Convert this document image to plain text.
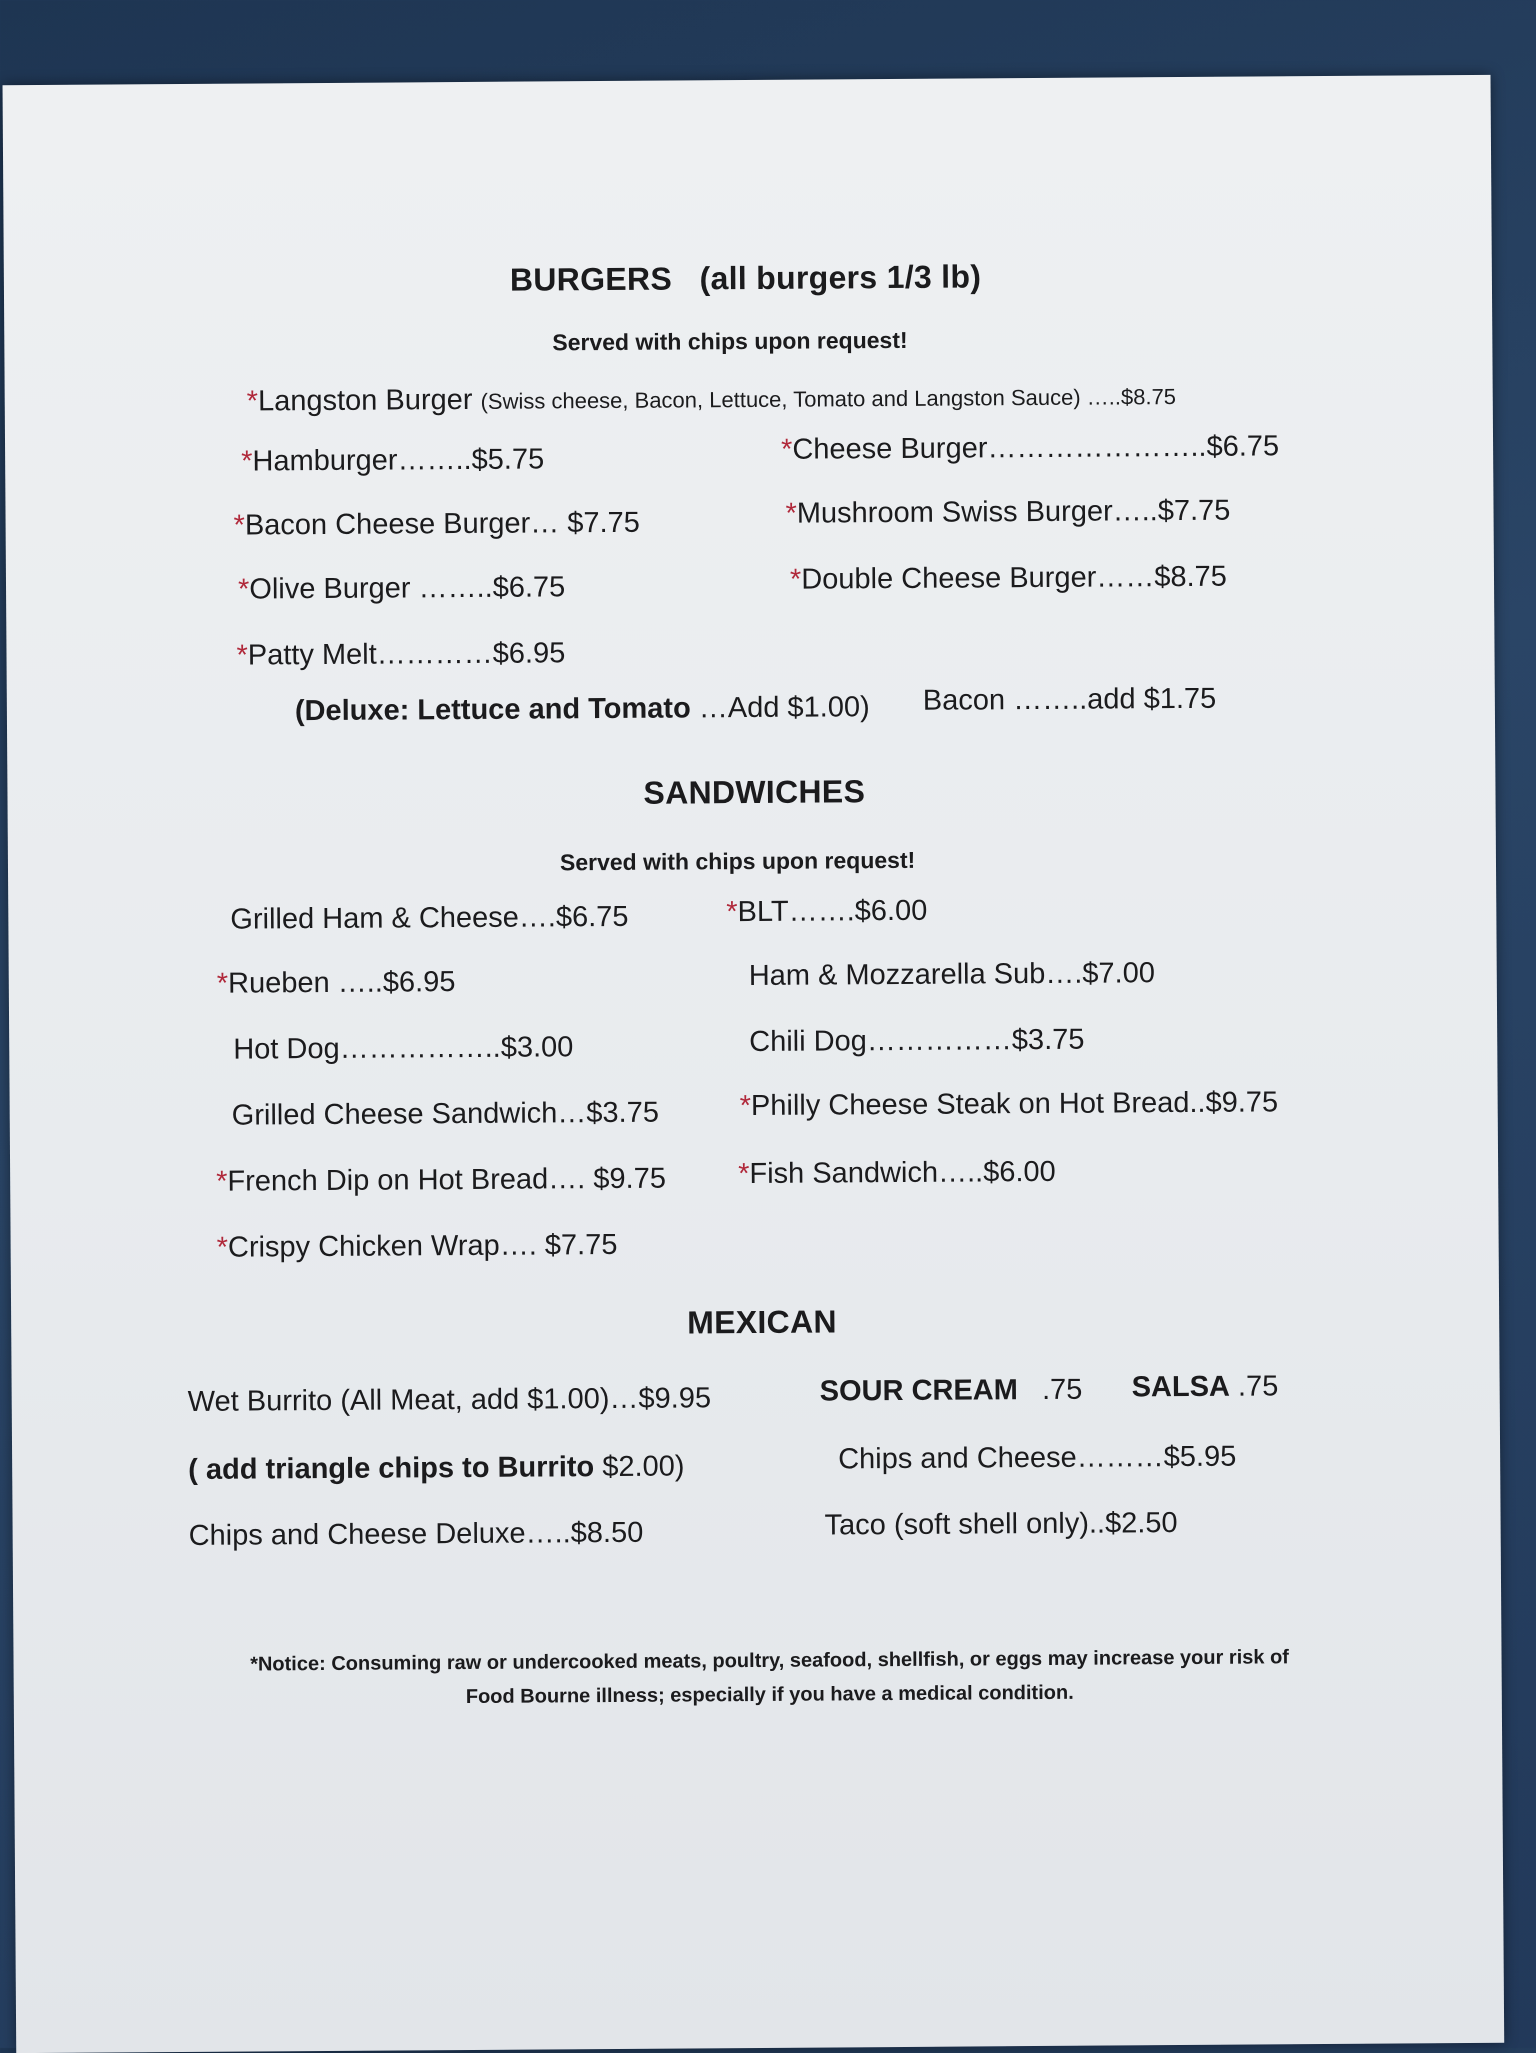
BURGERS (all burgers 1/3 lb)
Served with chips upon request!
*Langston Burger (Swiss cheese, Bacon, Lettuce, Tomato and Langston Sauce) …..$8.75
*Hamburger……..$5.75	*Cheese Burger…………………..$6.75
*Bacon Cheese Burger… $7.75	*Mushroom Swiss Burger…..$7.75
*Olive Burger ……..$6.75	*Double Cheese Burger……$8.75
*Patty Melt…………$6.95
(Deluxe: Lettuce and Tomato …Add $1.00) Bacon ……..add $1.75
SANDWICHES
Served with chips upon request!
Grilled Ham & Cheese….$6.75	*BLT…….$6.00
*Rueben …..$6.95	Ham & Mozzarella Sub….$7.00
Hot Dog……………..$3.00	Chili Dog……………$3.75
Grilled Cheese Sandwich…$3.75	*Philly Cheese Steak on Hot Bread..$9.75
*French Dip on Hot Bread…. $9.75 *Fish Sandwich…..$6.00
*Crispy Chicken Wrap…. $7.75
MEXICAN
Wet Burrito (All Meat, add $1.00)…$9.95	SOUR CREAM .75 SALSA .75
( add triangle chips to Burrito $2.00)	Chips and Cheese………$5.95
Chips and Cheese Deluxe…..$8.50	Taco (soft shell only)..$2.50
*Notice: Consuming raw or undercooked meats, poultry, seafood, shellfish, or eggs may increase your risk of
Food Bourne illness; especially if you have a medical condition.
